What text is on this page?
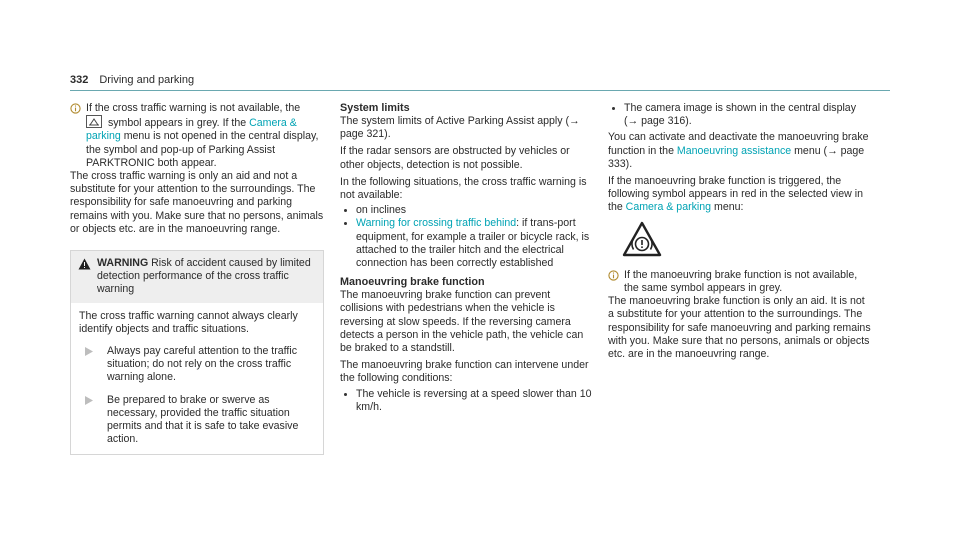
332 Driving and parking

If the cross traffic warning is not available, the

symbol appears in grey. If the Camera & parking menu is not opened in the central display, the symbol and pop-up of Parking Assist PARKTRONIC both appear.

The cross traffic warning is only an aid and not a substitute for your attention to the surroundings. The responsibility for safe manoeuvring and parking remains with you. Make sure that no persons, animals or objects etc. are in the manoeuvring range.

WARNING Risk of accident caused by limited detection performance of the cross traffic warning

The cross traffic warning cannot always clearly identify objects and traffic situations.

Always pay careful attention to the traffic situation; do not rely on the cross traffic warning alone.
Be prepared to brake or swerve as necessary, provided the traffic situation permits and that it is safe to take evasive action.
System limits

The system limits of Active Parking Assist apply (→ page 321).

If the radar sensors are obstructed by vehicles or other objects, detection is not possible.

In the following situations, the cross traffic warning is not available:

on inclines
Warning for crossing traffic behind: if trans-port equipment, for example a trailer or bicycle rack, is attached to the trailer hitch and the electrical connection has been correctly established
Manoeuvring brake function

The manoeuvring brake function can prevent collisions with pedestrians when the vehicle is reversing at slow speeds. If the reversing camera detects a person in the vehicle path, the vehicle can be braked to a standstill.

The manoeuvring brake function can intervene under the following conditions:

The vehicle is reversing at a speed slower than 10 km/h.
The camera image is shown in the central display (→ page 316).

You can activate and deactivate the manoeuvring brake function in the Manoeuvring assistance menu (→ page 333).

If the manoeuvring brake function is triggered, the following symbol appears in red in the selected view in the Camera & parking menu:

If the manoeuvring brake function is not available, the same symbol appears in grey.

The manoeuvring brake function is only an aid. It is not a substitute for your attention to the surroundings. The responsibility for safe manoeuvring and parking remains with you. Make sure that no persons, animals or objects etc. are in the manoeuvring range.
